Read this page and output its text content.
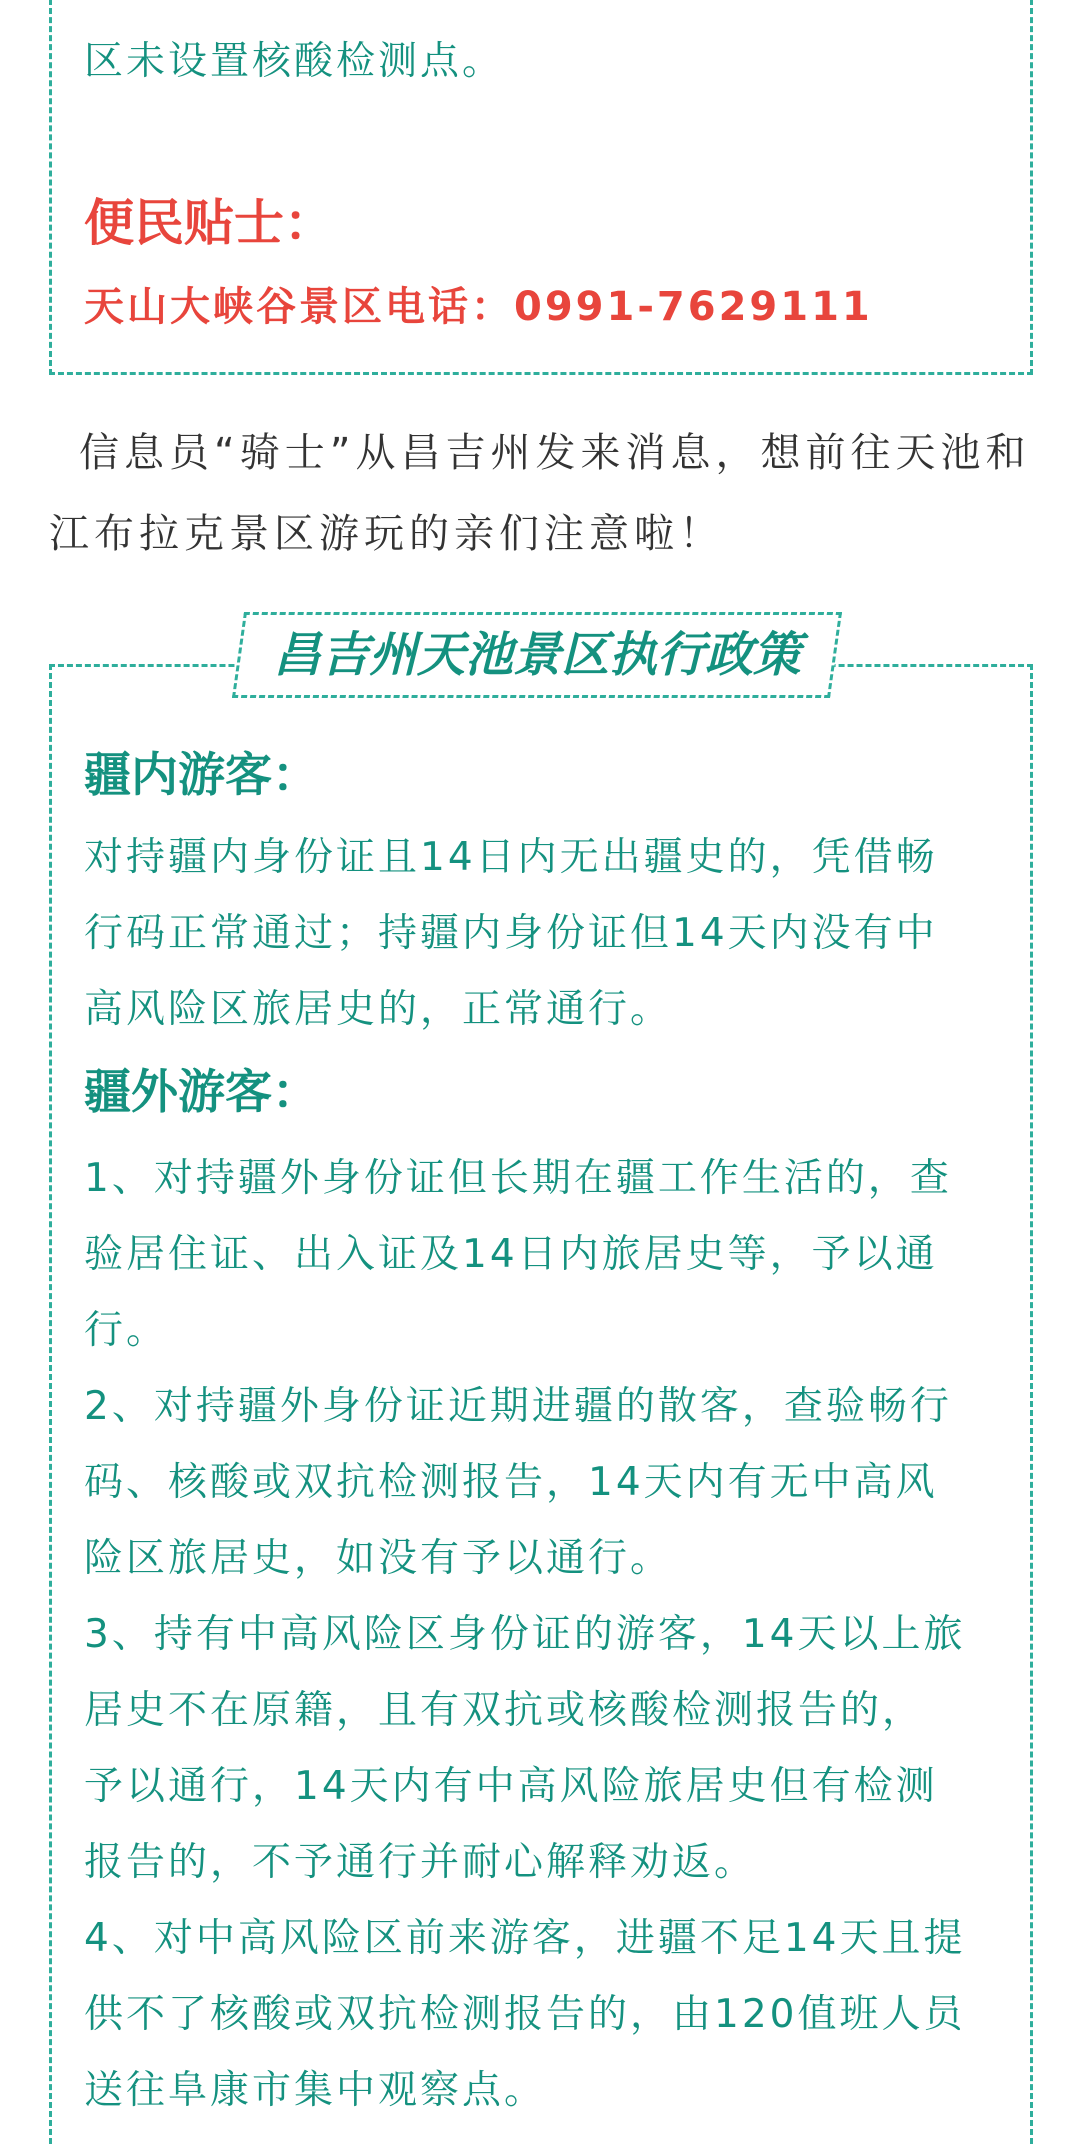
区未设置核酸检测点。

便民贴士：

天山大峡谷景区电话：0991-7629111

信息员“骑士”从昌吉州发来消息，想前往天池和

江布拉克景区游玩的亲们注意啦！

昌吉州天池景区执行政策

疆内游客：

对持疆内身份证且14日内无出疆史的，凭借畅

行码正常通过；持疆内身份证但14天内没有中

高风险区旅居史的，正常通行。

疆外游客：

1、对持疆外身份证但长期在疆工作生活的，查

验居住证、出入证及14日内旅居史等，予以通

行。

2、对持疆外身份证近期进疆的散客，查验畅行

码、核酸或双抗检测报告，14天内有无中高风

险区旅居史，如没有予以通行。

3、持有中高风险区身份证的游客，14天以上旅

居史不在原籍，且有双抗或核酸检测报告的，

予以通行，14天内有中高风险旅居史但有检测

报告的，不予通行并耐心解释劝返。

4、对中高风险区前来游客，进疆不足14天且提

供不了核酸或双抗检测报告的，由120值班人员

送往阜康市集中观察点。
